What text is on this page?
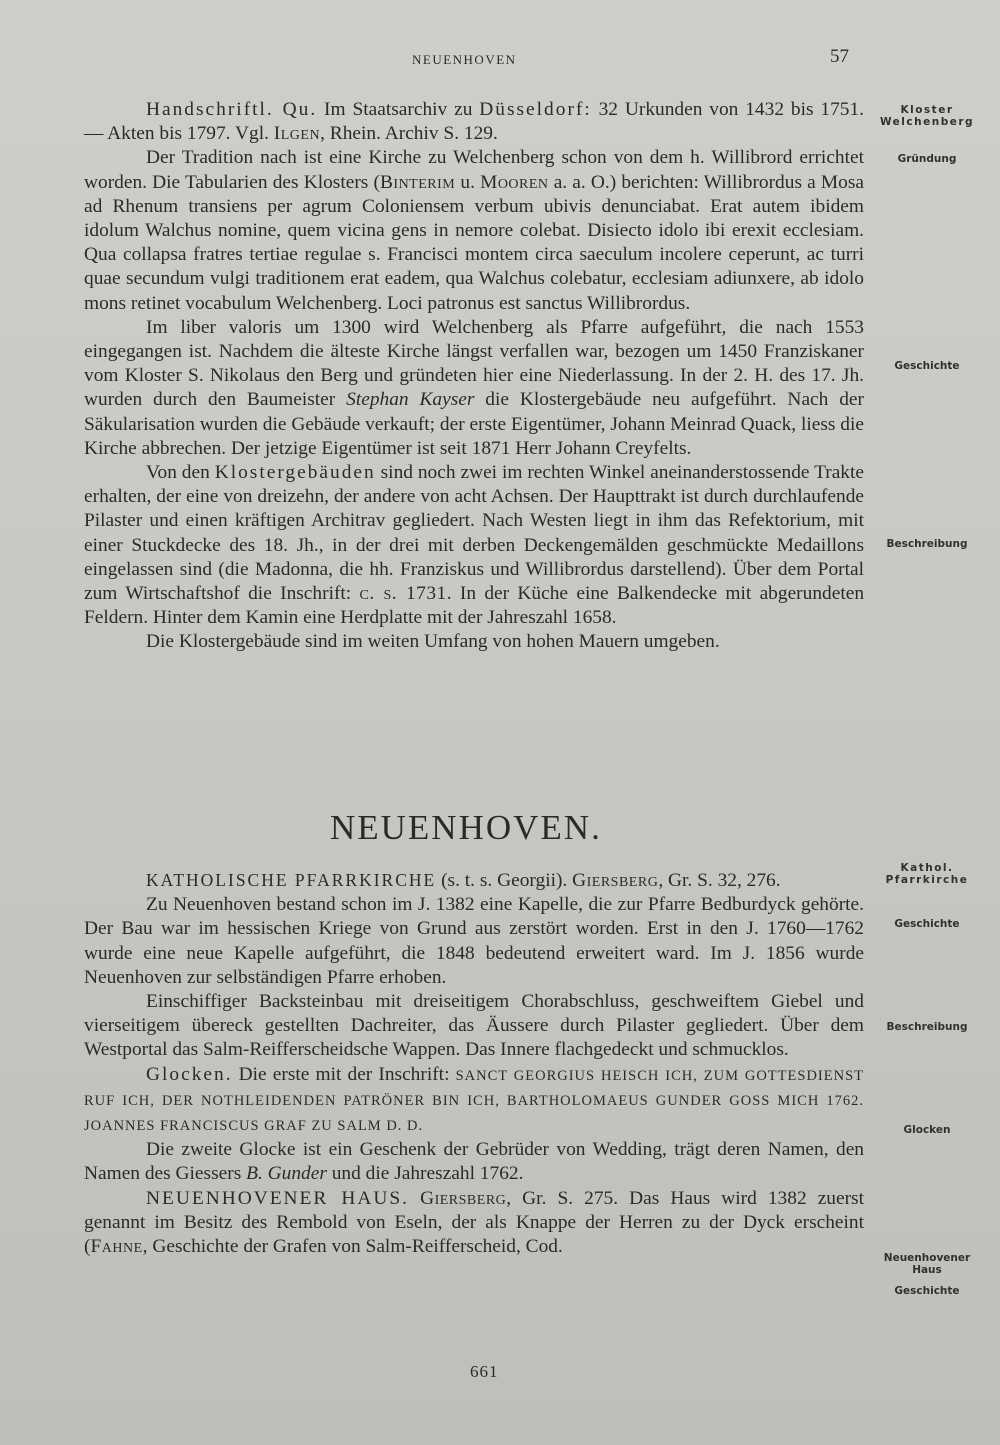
NEUENHOVEN	57

Handschriftl. Qu. Im Staatsarchiv zu Düsseldorf: 32 Urkunden von 1432 bis 1751. — Akten bis 1797. Vgl. Ilgen, Rhein. Archiv S. 129.

Der Tradition nach ist eine Kirche zu Welchenberg schon von dem h. Willibrord errichtet worden. Die Tabularien des Klosters (Binterim u. Mooren a. a. O.) berichten: Willibrordus a Mosa ad Rhenum transiens per agrum Coloniensem verbum ubivis denunciabat. Erat autem ibidem idolum Walchus nomine, quem vicina gens in nemore colebat. Disiecto idolo ibi erexit ecclesiam. Qua collapsa fratres tertiae regulae s. Francisci montem circa saeculum incolere ceperunt, ac turri quae secundum vulgi traditionem erat eadem, qua Walchus colebatur, ecclesiam adiunxere, ab idolo mons retinet vocabulum Welchenberg. Loci patronus est sanctus Willibrordus.

Im liber valoris um 1300 wird Welchenberg als Pfarre aufgeführt, die nach 1553 eingegangen ist. Nachdem die älteste Kirche längst verfallen war, bezogen um 1450 Franziskaner vom Kloster S. Nikolaus den Berg und gründeten hier eine Niederlassung. In der 2. H. des 17. Jh. wurden durch den Baumeister Stephan Kayser die Klostergebäude neu aufgeführt. Nach der Säkularisation wurden die Gebäude verkauft; der erste Eigentümer, Johann Meinrad Quack, liess die Kirche abbrechen. Der jetzige Eigentümer ist seit 1871 Herr Johann Creyfelts.

Von den Klostergebäuden sind noch zwei im rechten Winkel aneinanderstossende Trakte erhalten, der eine von dreizehn, der andere von acht Achsen. Der Haupttrakt ist durch durchlaufende Pilaster und einen kräftigen Architrav gegliedert. Nach Westen liegt in ihm das Refektorium, mit einer Stuckdecke des 18. Jh., in der drei mit derben Deckengemälden geschmückte Medaillons eingelassen sind (die Madonna, die hh. Franziskus und Willibrordus darstellend). Über dem Portal zum Wirtschaftshof die Inschrift: c. s. 1731. In der Küche eine Balkendecke mit abgerundeten Feldern. Hinter dem Kamin eine Herdplatte mit der Jahreszahl 1658.

Die Klostergebäude sind im weiten Umfang von hohen Mauern umgeben.

NEUENHOVEN.

KATHOLISCHE PFARRKIRCHE (s. t. s. Georgii). Giersberg, Gr. S. 32, 276.

Zu Neuenhoven bestand schon im J. 1382 eine Kapelle, die zur Pfarre Bedburdyck gehörte. Der Bau war im hessischen Kriege von Grund aus zerstört worden. Erst in den J. 1760—1762 wurde eine neue Kapelle aufgeführt, die 1848 bedeutend erweitert ward. Im J. 1856 wurde Neuenhoven zur selbständigen Pfarre erhoben.

Einschiffiger Backsteinbau mit dreiseitigem Chorabschluss, geschweiftem Giebel und vierseitigem übereck gestellten Dachreiter, das Äussere durch Pilaster gegliedert. Über dem Westportal das Salm-Reifferscheidsche Wappen. Das Innere flachgedeckt und schmucklos.

Glocken. Die erste mit der Inschrift: SANCT GEORGIUS HEISCH ICH, ZUM GOTTESDIENST RUF ICH, DER NOTHLEIDENDEN PATRÖNER BIN ICH, BARTHOLOMAEUS GUNDER GOSS MICH 1762. JOANNES FRANCISCUS GRAF ZU SALM D. D.

Die zweite Glocke ist ein Geschenk der Gebrüder von Wedding, trägt deren Namen, den Namen des Giessers B. Gunder und die Jahreszahl 1762.

NEUENHOVENER HAUS. Giersberg, Gr. S. 275. Das Haus wird 1382 zuerst genannt im Besitz des Rembold von Eseln, der als Knappe der Herren zu der Dyck erscheint (Fahne, Geschichte der Grafen von Salm-Reifferscheid, Cod.

Kloster
Welchenberg
Gründung
Geschichte
Beschreibung
Kathol.
Pfarrkirche
Geschichte
Beschreibung
Glocken
Neuenhovener
Haus
Geschichte
661
